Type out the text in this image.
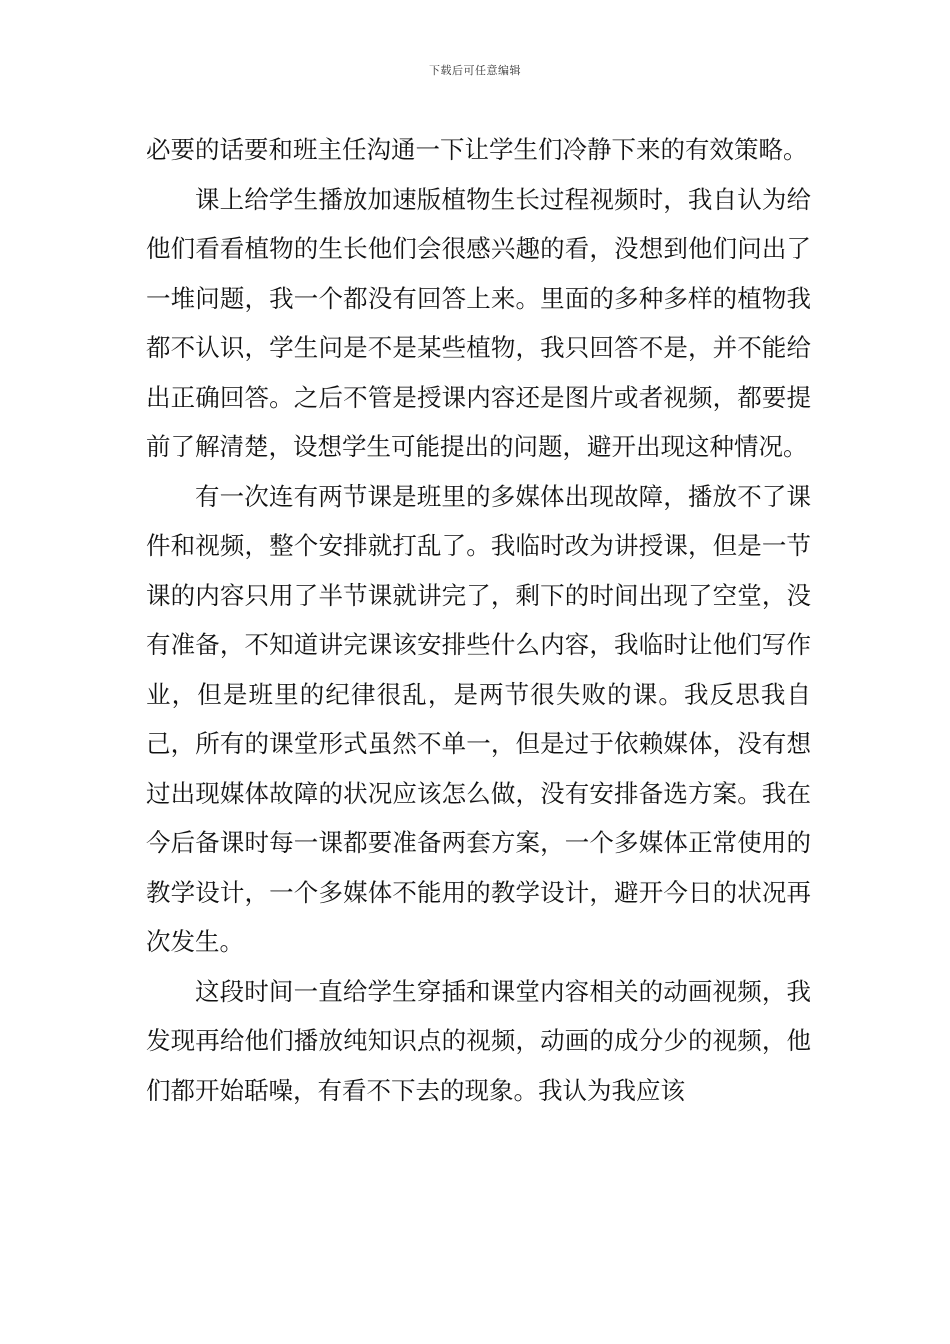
下载后可任意编辑

必要的话要和班主任沟通一下让学生们冷静下来的有效策略。

课上给学生播放加速版植物生长过程视频时，我自认为给他们看看植物的生长他们会很感兴趣的看，没想到他们问出了一堆问题，我一个都没有回答上来。里面的多种多样的植物我都不认识，学生问是不是某些植物，我只回答不是，并不能给出正确回答。之后不管是授课内容还是图片或者视频，都要提前了解清楚，设想学生可能提出的问题，避开出现这种情况。

有一次连有两节课是班里的多媒体出现故障，播放不了课件和视频，整个安排就打乱了。我临时改为讲授课，但是一节课的内容只用了半节课就讲完了，剩下的时间出现了空堂，没有准备，不知道讲完课该安排些什么内容，我临时让他们写作业，但是班里的纪律很乱，是两节很失败的课。我反思我自己，所有的课堂形式虽然不单一，但是过于依赖媒体，没有想过出现媒体故障的状况应该怎么做，没有安排备选方案。我在今后备课时每一课都要准备两套方案，一个多媒体正常使用的教学设计，一个多媒体不能用的教学设计，避开今日的状况再次发生。

这段时间一直给学生穿插和课堂内容相关的动画视频，我发现再给他们播放纯知识点的视频，动画的成分少的视频，他们都开始聒噪，有看不下去的现象。我认为我应该
